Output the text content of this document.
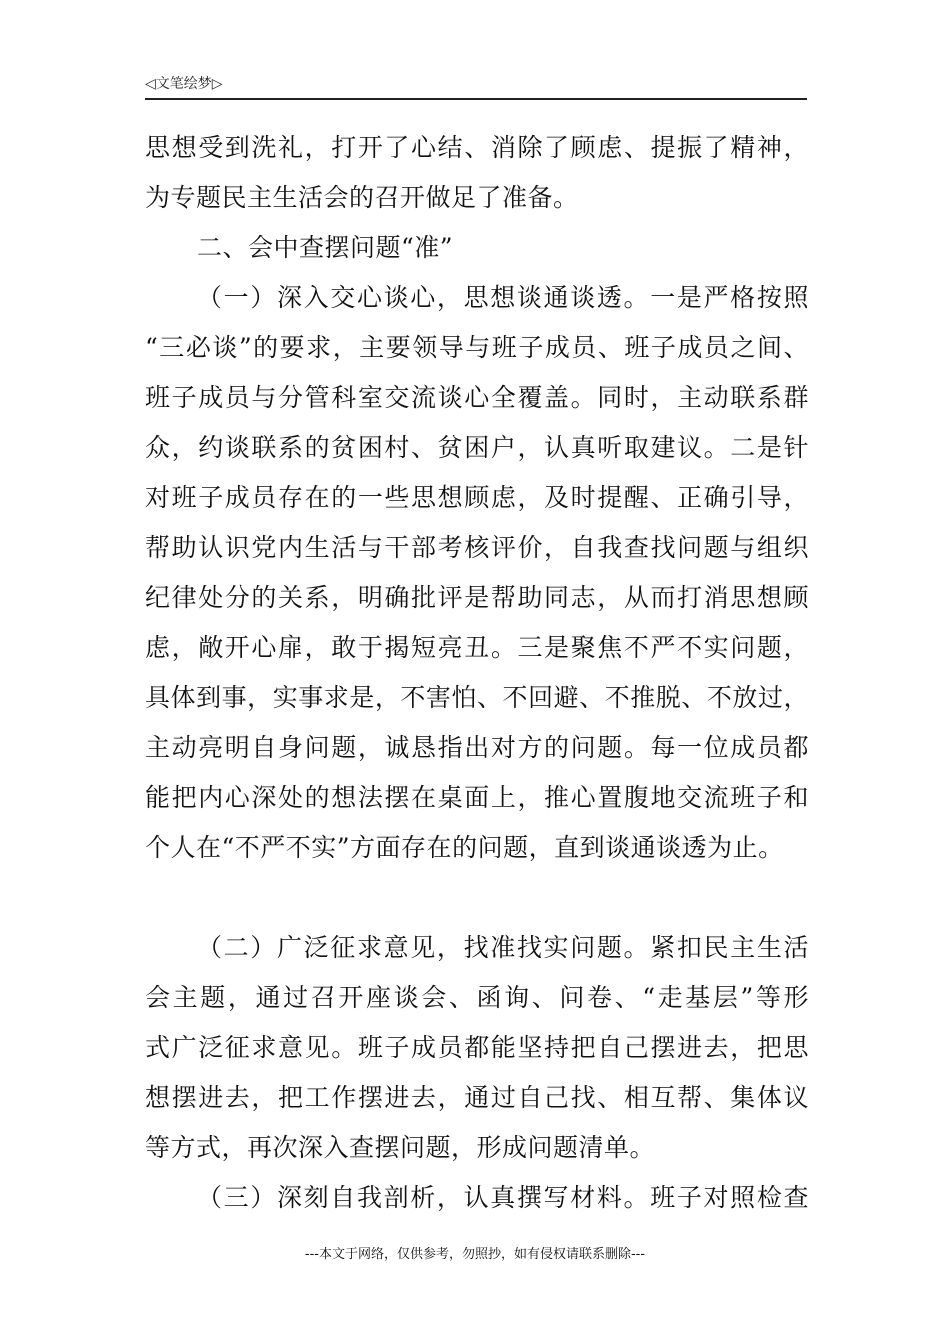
◁文笔绘梦▷
思想受到洗礼，打开了心结、消除了顾虑、提振了精神，
为专题民主生活会的召开做足了准备。
二、会中查摆问题“准”
（一）深入交心谈心，思想谈通谈透。一是严格按照
“三必谈”的要求，主要领导与班子成员、班子成员之间、
班子成员与分管科室交流谈心全覆盖。同时，主动联系群
众，约谈联系的贫困村、贫困户，认真听取建议。二是针
对班子成员存在的一些思想顾虑，及时提醒、正确引导，
帮助认识党内生活与干部考核评价，自我查找问题与组织
纪律处分的关系，明确批评是帮助同志，从而打消思想顾
虑，敞开心扉，敢于揭短亮丑。三是聚焦不严不实问题，
具体到事，实事求是，不害怕、不回避、不推脱、不放过，
主动亮明自身问题，诚恳指出对方的问题。每一位成员都
能把内心深处的想法摆在桌面上，推心置腹地交流班子和
个人在“不严不实”方面存在的问题，直到谈通谈透为止。
（二）广泛征求意见，找准找实问题。紧扣民主生活
会主题，通过召开座谈会、函询、问卷、“走基层”等形
式广泛征求意见。班子成员都能坚持把自己摆进去，把思
想摆进去，把工作摆进去，通过自己找、相互帮、集体议
等方式，再次深入查摆问题，形成问题清单。
（三）深刻自我剖析，认真撰写材料。班子对照检查
---本文于网络，仅供参考，勿照抄，如有侵权请联系删除---
